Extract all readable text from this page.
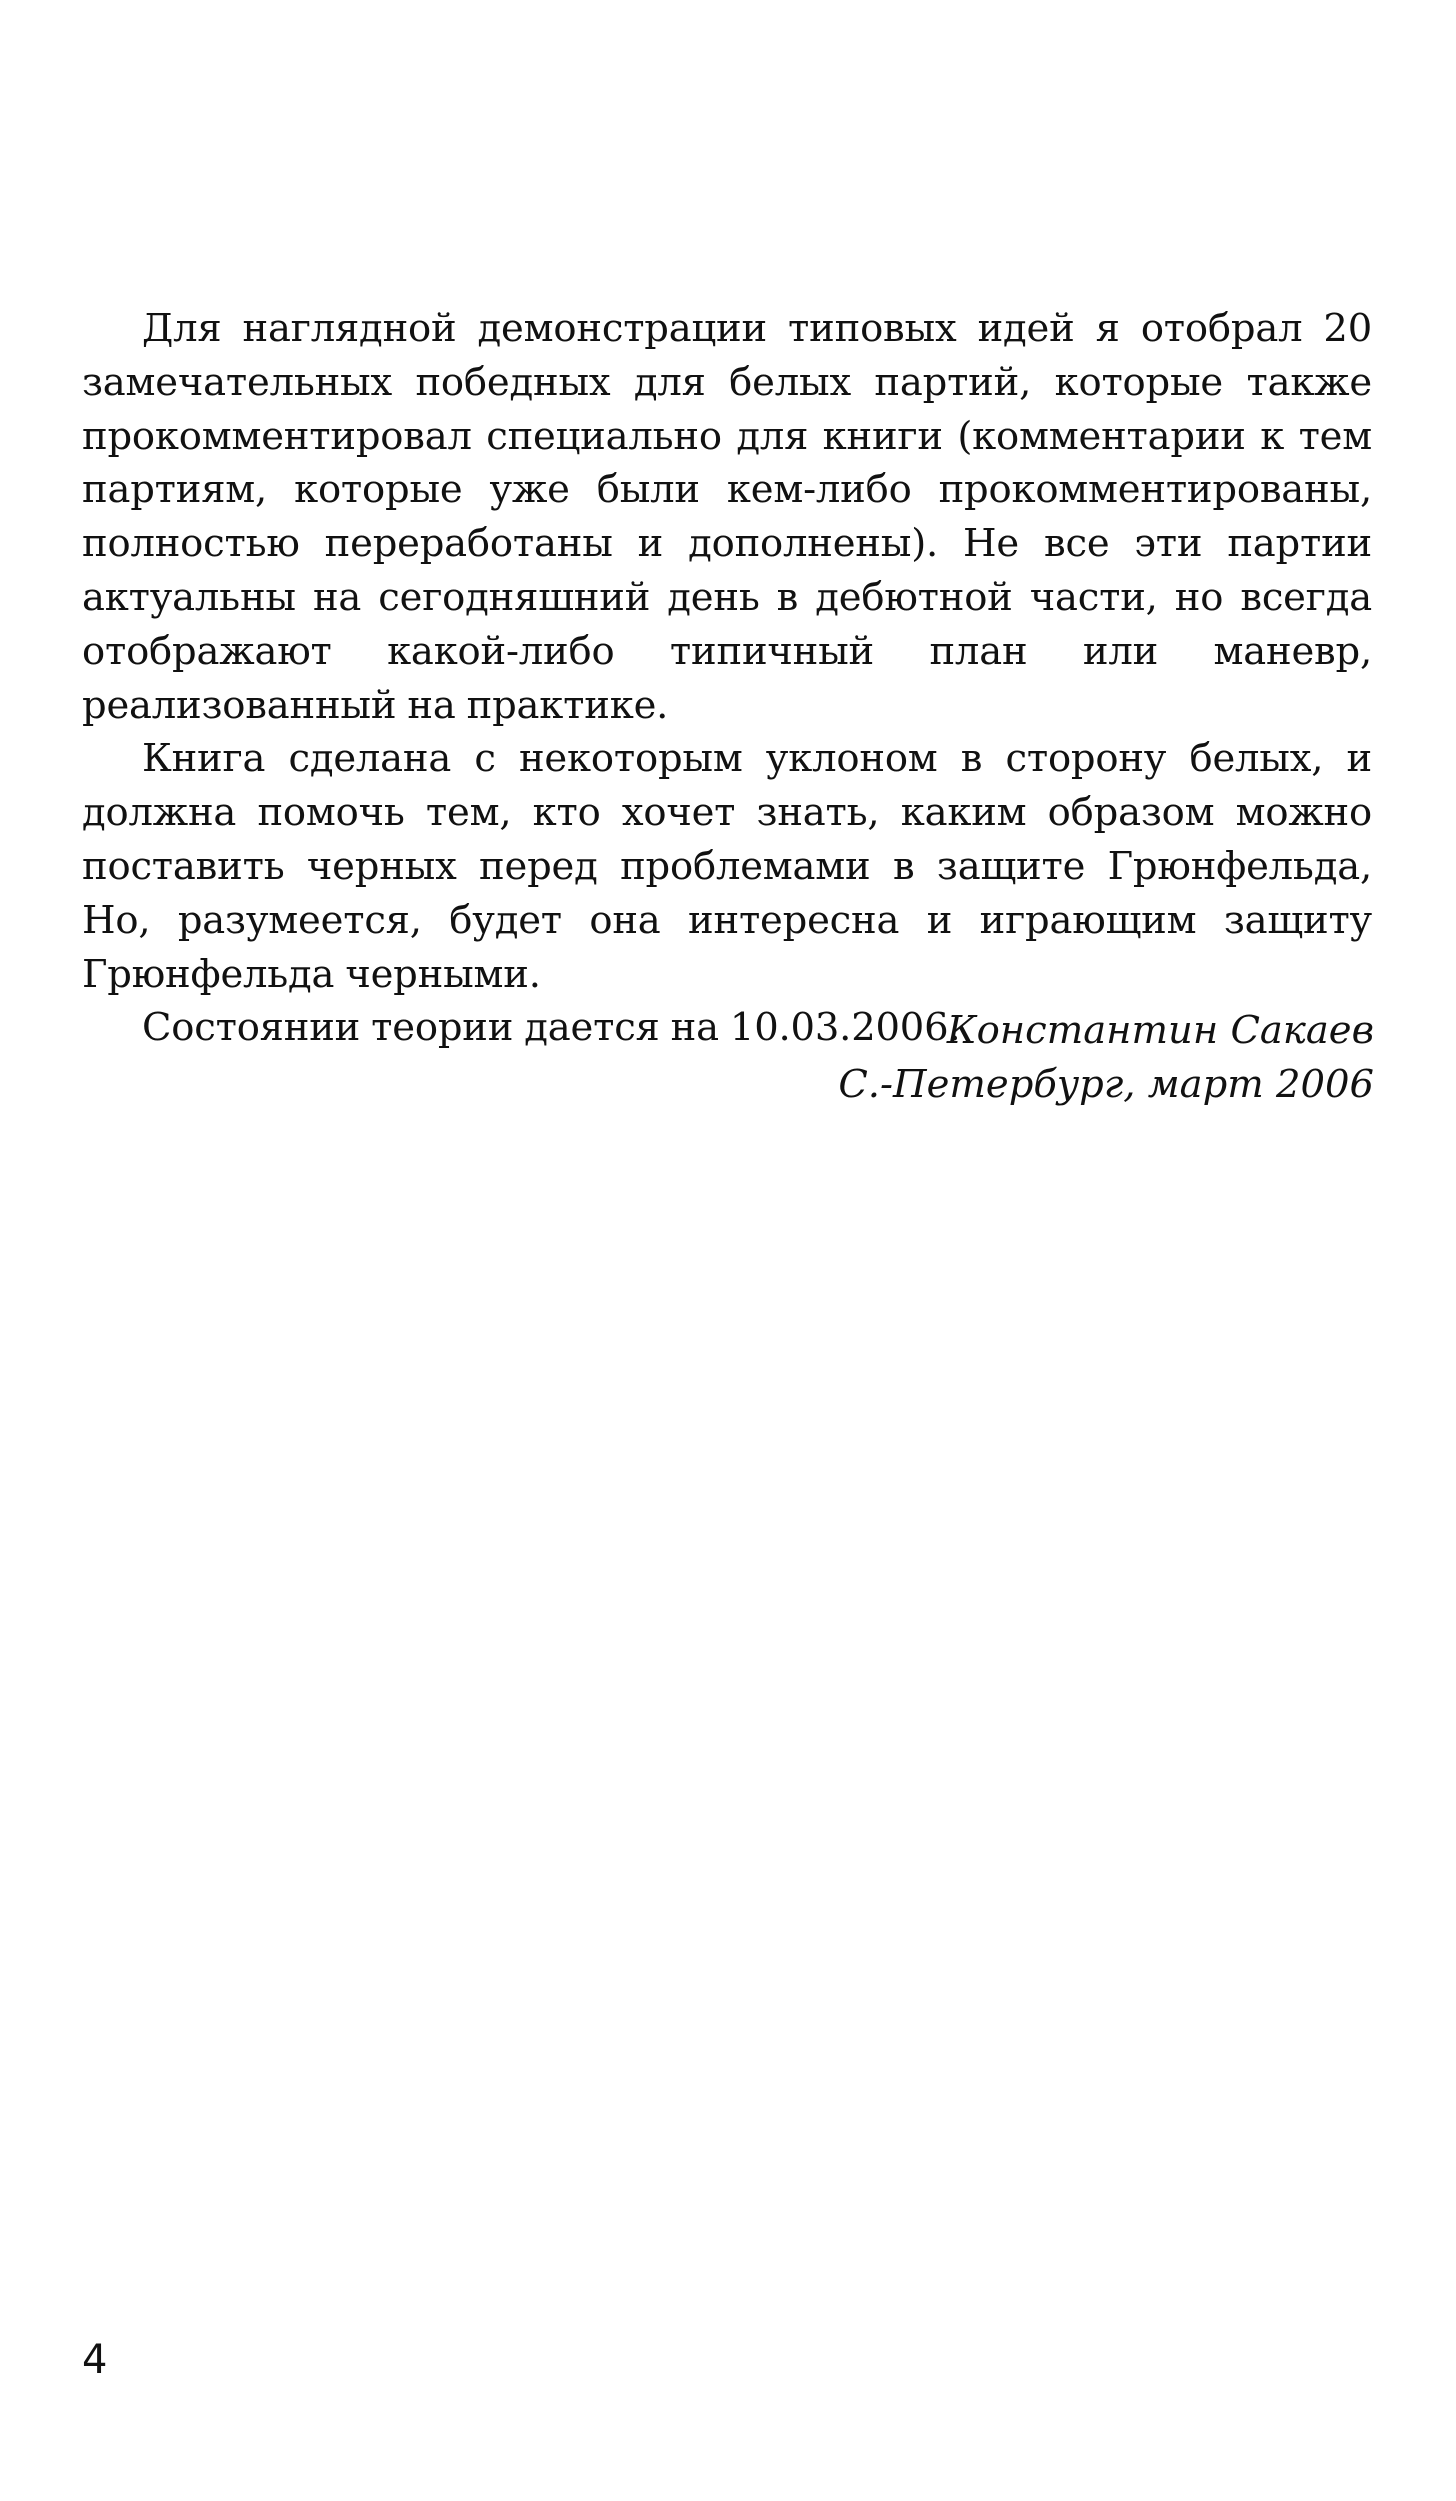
Для наглядной демонстрации типовых идей я отобрал 20 замечательных победных для белых партий, которые также прокомментировал специально для книги (комментарии к тем партиям, которые уже были кем-либо прокомментированы, полностью переработаны и дополнены). Не все эти партии актуальны на сегодняшний день в дебютной части, но всегда отображают какой-либо типичный план или маневр, реализованный на практике.

Книга сделана с некоторым уклоном в сторону белых, и должна помочь тем, кто хочет знать, каким образом можно поставить черных перед проблемами в защите Грюнфельда, Но, разумеется, будет она интересна и играющим защиту Грюнфельда черными.

Состоянии теории дается на 10.03.2006.

Константин Сакаев
С.-Петербург, март 2006
4
